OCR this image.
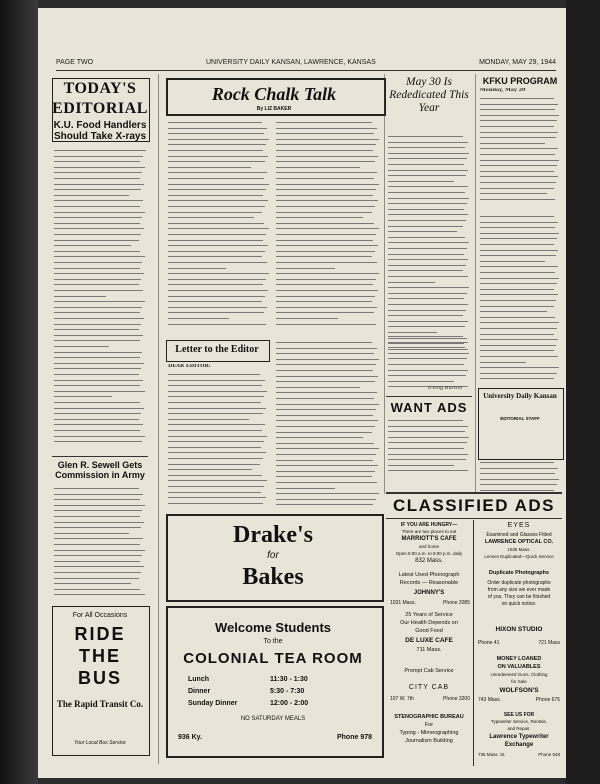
PAGE TWO	UNIVERSITY DAILY KANSAN, LAWRENCE, KANSAS	MONDAY, MAY 29, 1944
TODAY'S
EDITORIAL
K.U. Food Handlers Should Take X-rays
Glen R. Sewell Gets Commission in Army
For All Occasions
RIDE
THE
BUS
The Rapid Transit Co.
Your Local Bus Service
Rock Chalk Talk
By LIZ BAKER
Letter to the Editor
DEAR EDITOR:
Drake's
for
Bakes
Welcome Students
To the
COLONIAL TEA ROOM
Lunch	11:30 - 1:30
Dinner	5:30 - 7:30
Sunday Dinner	12:00 - 2:00
NO SATURDAY MEALS
936 Ky.	Phone 978
May 30 Is Rededicated This Year
Irving Burton
KFKU PROGRAM
Monday, May 29
University Daily Kansan
EDITORIAL STAFF
WANT ADS
CLASSIFIED ADS
IF YOU ARE HUNGRY—
There are two places to eat
MARRIOTT'S CAFE
and home
Open 5:00 a.m. to 8:00 p.m. daily
832 Mass.
Latest Used Phonograph
Records — Reasonable
JOHNNY'S
1031 Mass.	Phone 2085
25 Years of Service
Our Health Depends on
Good Food
DE LUXE CAFE
711 Mass.
Prompt Cab Service
CITY CAB
107 W. 7th	Phone 3200
STENOGRAPHIC BUREAU
For
Typing - Mimeographing
Journalism Building
EYES
Examined and Glasses Fitted
LAWRENCE OPTICAL CO.
1035 Mass.
Lenses Duplicated—Quick Service
Duplicate Photographs
Order duplicate photographs
from any size we ever made
of you. They can be finished
on quick notice.
HIXON STUDIO
Phone 41	721 Mass
MONEY LOANED
ON VALUABLES
Unredeemed Guns, Clothing
for Sale
WOLFSON'S
743 Mass.	Phone 675
SEE US FOR
Typewriter Service, Rentals,
and Repair.
Lawrence Typewriter
Exchange
735 Mass. St.	Phone 548
